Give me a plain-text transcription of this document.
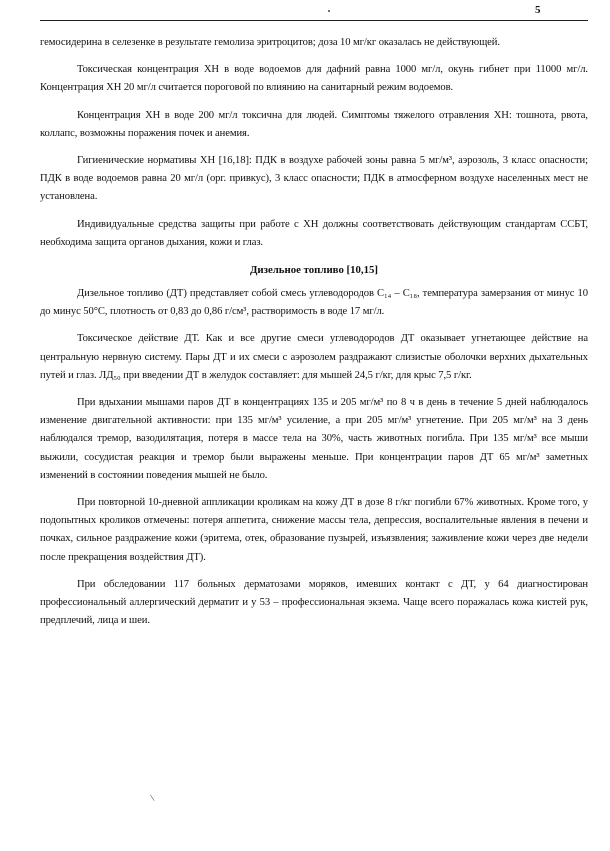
5

гемосидерина в селезенке в результате гемолиза эритроцитов; доза 10 мг/кг оказалась не действующей.

Токсическая концентрация ХН в воде водоемов для дафний равна 1000 мг/л, окунь гибнет при 11000 мг/л. Концентрация ХН 20 мг/л считается пороговой по влиянию на санитарный режим водоемов.

Концентрация ХН в воде 200 мг/л токсична для людей. Симптомы тяжелого отравления ХН: тошнота, рвота, коллапс, возможны поражения почек и анемия.

Гигиенические нормативы ХН [16,18]: ПДК в воздухе рабочей зоны равна 5 мг/м³, аэрозоль, 3 класс опасности; ПДК в воде водоемов равна 20 мг/л (орг. привкус), 3 класс опасности; ПДК в атмосферном воздухе населенных мест не установлена.

Индивидуальные средства защиты при работе с ХН должны соответствовать действующим стандартам ССБТ, необходима защита органов дыхания, кожи и глаз.

Дизельное топливо [10,15]

Дизельное топливо (ДТ) представляет собой смесь углеводородов C₁₄ – C₁₈, температура замерзания от минус 10 до минус 50°С, плотность от 0,83 до 0,86 г/см³, растворимость в воде 17 мг/л.

Токсическое действие ДТ. Как и все другие смеси углеводородов ДТ оказывает угнетающее действие на центральную нервную систему. Пары ДТ и их смеси с аэрозолем раздражают слизистые оболочки верхних дыхательных путей и глаз. ЛД₅₀ при введении ДТ в желудок составляет: для мышей 24,5 г/кг, для крыс 7,5 г/кг.

При вдыхании мышами паров ДТ в концентрациях 135 и 205 мг/м³ по 8 ч в день в течение 5 дней наблюдалось изменение двигательной активности: при 135 мг/м³ усиление, а при 205 мг/м³ угнетение. При 205 мг/м³ на 3 день наблюдался тремор, вазодилятация, потеря в массе тела на 30%, часть животных погибла. При 135 мг/м³ все мыши выжили, сосудистая реакция и тремор были выражены меньше. При концентрации паров ДТ 65 мг/м³ заметных изменений в состоянии поведения мышей не было.

При повторной 10-дневной аппликации кроликам на кожу ДТ в дозе 8 г/кг погибли 67% животных. Кроме того, у подопытных кроликов отмечены: потеря аппетита, снижение массы тела, депрессия, воспалительные явления в печени и почках, сильное раздражение кожи (эритема, отек, образование пузырей, изъязвления; заживление кожи через две недели после прекращения воздействия ДТ).

При обследовании 117 больных дерматозами моряков, имевших контакт с ДТ, у 64 диагностирован профессиональный аллергический дерматит и у 53 – профессиональная экзема. Чаще всего поражалась кожа кистей рук, предплечий, лица и шеи.

\
